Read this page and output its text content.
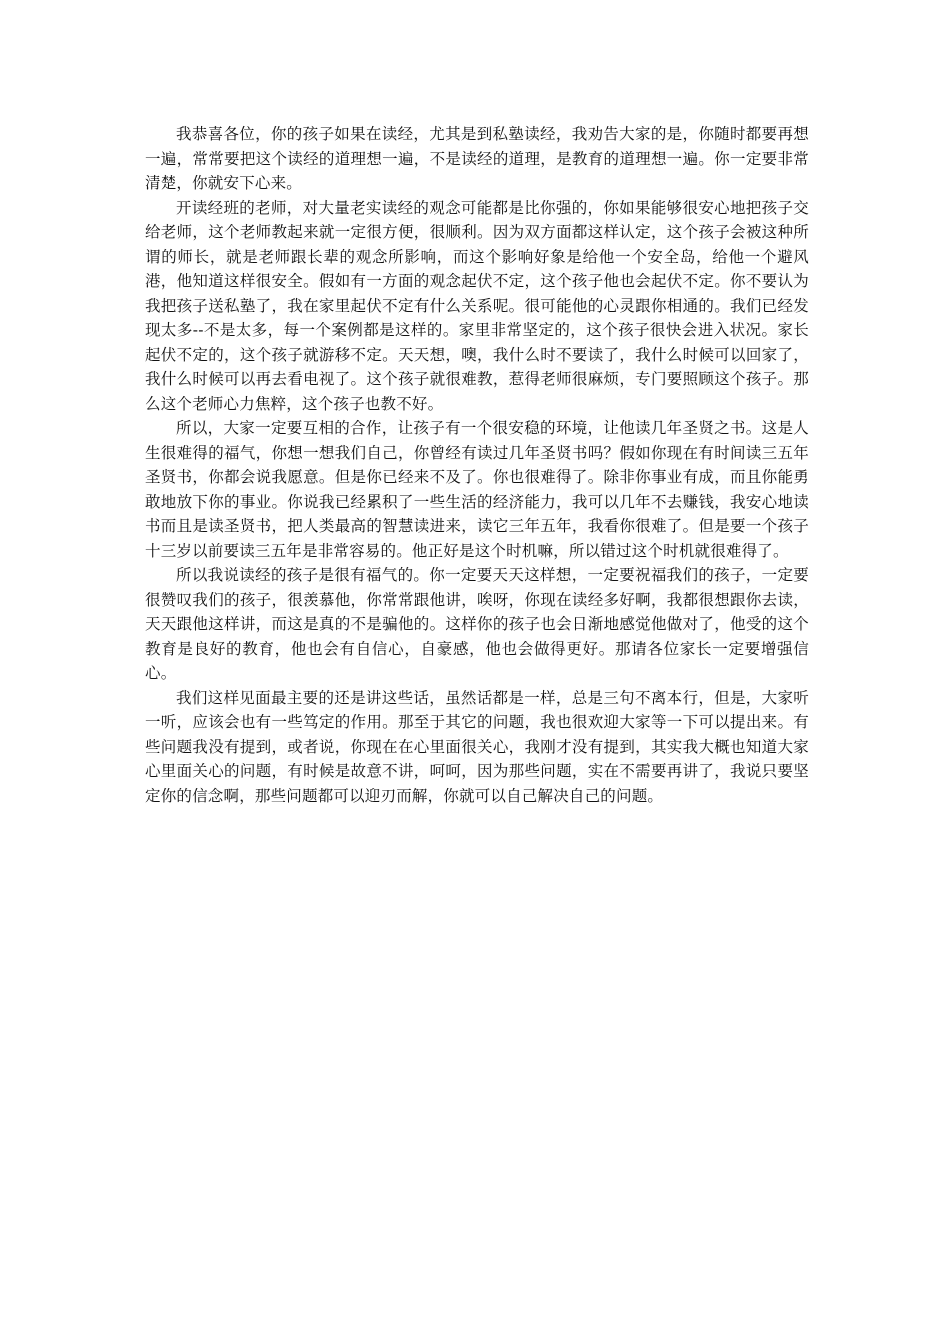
我恭喜各位，你的孩子如果在读经，尤其是到私塾读经，我劝告大家的是，你随时都要再想一遍，常常要把这个读经的道理想一遍，不是读经的道理，是教育的道理想一遍。你一定要非常清楚，你就安下心来。

开读经班的老师，对大量老实读经的观念可能都是比你强的，你如果能够很安心地把孩子交给老师，这个老师教起来就一定很方便，很顺利。因为双方面都这样认定，这个孩子会被这种所谓的师长，就是老师跟长辈的观念所影响，而这个影响好象是给他一个安全岛，给他一个避风港，他知道这样很安全。假如有一方面的观念起伏不定，这个孩子他也会起伏不定。你不要认为我把孩子送私塾了，我在家里起伏不定有什么关系呢。很可能他的心灵跟你相通的。我们已经发现太多--不是太多，每一个案例都是这样的。家里非常坚定的，这个孩子很快会进入状况。家长起伏不定的，这个孩子就游移不定。天天想，噢，我什么时不要读了，我什么时候可以回家了，我什么时候可以再去看电视了。这个孩子就很难教，惹得老师很麻烦，专门要照顾这个孩子。那么这个老师心力焦粹，这个孩子也教不好。

所以，大家一定要互相的合作，让孩子有一个很安稳的环境，让他读几年圣贤之书。这是人生很难得的福气，你想一想我们自己，你曾经有读过几年圣贤书吗？假如你现在有时间读三五年圣贤书，你都会说我愿意。但是你已经来不及了。你也很难得了。除非你事业有成，而且你能勇敢地放下你的事业。你说我已经累积了一些生活的经济能力，我可以几年不去赚钱，我安心地读书而且是读圣贤书，把人类最高的智慧读进来，读它三年五年，我看你很难了。但是要一个孩子十三岁以前要读三五年是非常容易的。他正好是这个时机嘛，所以错过这个时机就很难得了。

所以我说读经的孩子是很有福气的。你一定要天天这样想，一定要祝福我们的孩子，一定要很赞叹我们的孩子，很羡慕他，你常常跟他讲，唉呀，你现在读经多好啊，我都很想跟你去读，天天跟他这样讲，而这是真的不是骗他的。这样你的孩子也会日渐地感觉他做对了，他受的这个教育是良好的教育，他也会有自信心，自豪感，他也会做得更好。那请各位家长一定要增强信心。

我们这样见面最主要的还是讲这些话，虽然话都是一样，总是三句不离本行，但是，大家听一听，应该会也有一些笃定的作用。那至于其它的问题，我也很欢迎大家等一下可以提出来。有些问题我没有提到，或者说，你现在在心里面很关心，我刚才没有提到，其实我大概也知道大家心里面关心的问题，有时候是故意不讲，呵呵，因为那些问题，实在不需要再讲了，我说只要坚定你的信念啊，那些问题都可以迎刃而解，你就可以自己解决自己的问题。
